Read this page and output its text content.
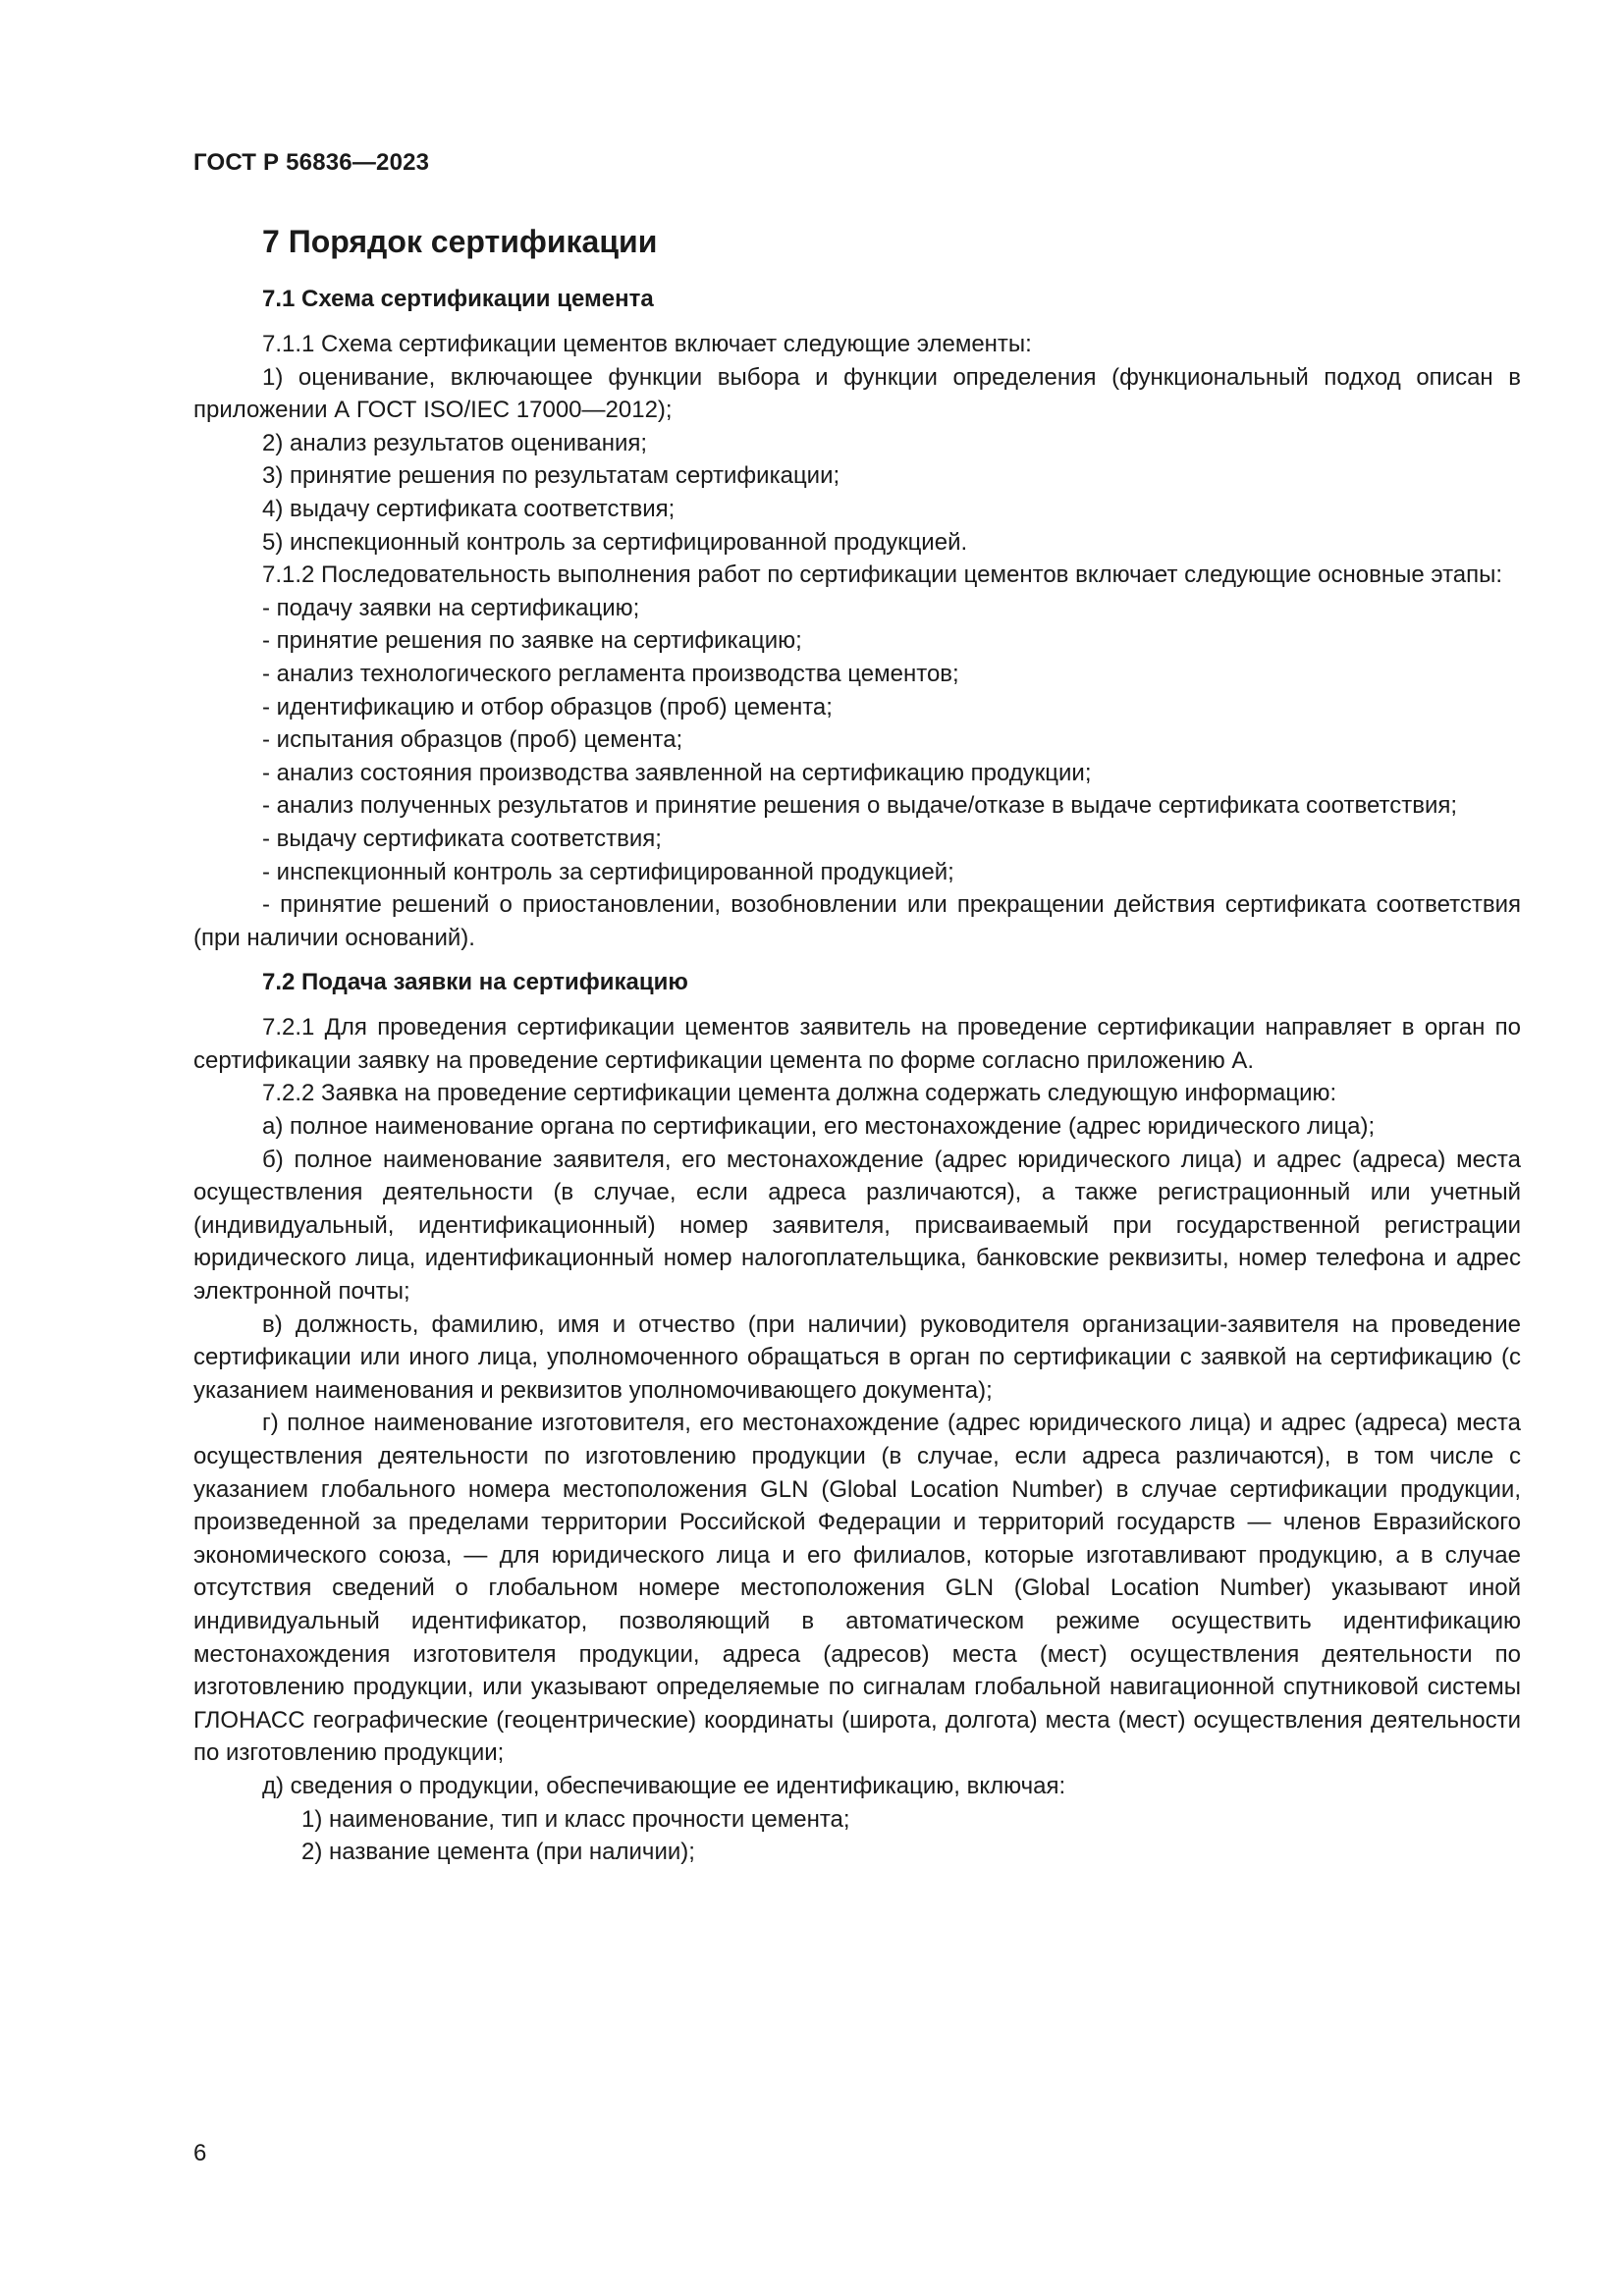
ГОСТ Р 56836—2023
7 Порядок сертификации
7.1 Схема сертификации цемента

7.1.1 Схема сертификации цементов включает следующие элементы:

1) оценивание, включающее функции выбора и функции определения (функциональный подход описан в приложении А ГОСТ ISO/IEC 17000—2012);

2) анализ результатов оценивания;

3) принятие решения по результатам сертификации;

4) выдачу сертификата соответствия;

5) инспекционный контроль за сертифицированной продукцией.

7.1.2 Последовательность выполнения работ по сертификации цементов включает следующие основные этапы:

- подачу заявки на сертификацию;

- принятие решения по заявке на сертификацию;

- анализ технологического регламента производства цементов;

- идентификацию и отбор образцов (проб) цемента;

- испытания образцов (проб) цемента;

- анализ состояния производства заявленной на сертификацию продукции;

- анализ полученных результатов и принятие решения о выдаче/отказе в выдаче сертификата соответствия;

- выдачу сертификата соответствия;

- инспекционный контроль за сертифицированной продукцией;

- принятие решений о приостановлении, возобновлении или прекращении действия сертификата соответствия (при наличии оснований).

7.2 Подача заявки на сертификацию

7.2.1 Для проведения сертификации цементов заявитель на проведение сертификации направляет в орган по сертификации заявку на проведение сертификации цемента по форме согласно приложению А.

7.2.2 Заявка на проведение сертификации цемента должна содержать следующую информацию:

а) полное наименование органа по сертификации, его местонахождение (адрес юридического лица);

б) полное наименование заявителя, его местонахождение (адрес юридического лица) и адрес (адреса) места осуществления деятельности (в случае, если адреса различаются), а также регистрационный или учетный (индивидуальный, идентификационный) номер заявителя, присваиваемый при государственной регистрации юридического лица, идентификационный номер налогоплательщика, банковские реквизиты, номер телефона и адрес электронной почты;

в) должность, фамилию, имя и отчество (при наличии) руководителя организации-заявителя на проведение сертификации или иного лица, уполномоченного обращаться в орган по сертификации с заявкой на сертификацию (с указанием наименования и реквизитов уполномочивающего документа);

г) полное наименование изготовителя, его местонахождение (адрес юридического лица) и адрес (адреса) места осуществления деятельности по изготовлению продукции (в случае, если адреса различаются), в том числе с указанием глобального номера местоположения GLN (Global Location Number) в случае сертификации продукции, произведенной за пределами территории Российской Федерации и территорий государств — членов Евразийского экономического союза, — для юридического лица и его филиалов, которые изготавливают продукцию, а в случае отсутствия сведений о глобальном номере местоположения GLN (Global Location Number) указывают иной индивидуальный идентификатор, позволяющий в автоматическом режиме осуществить идентификацию местонахождения изготовителя продукции, адреса (адресов) места (мест) осуществления деятельности по изготовлению продукции, или указывают определяемые по сигналам глобальной навигационной спутниковой системы ГЛОНАСС географические (геоцентрические) координаты (широта, долгота) места (мест) осуществления деятельности по изготовлению продукции;

д) сведения о продукции, обеспечивающие ее идентификацию, включая:

1) наименование, тип и класс прочности цемента;

2) название цемента (при наличии);

6
